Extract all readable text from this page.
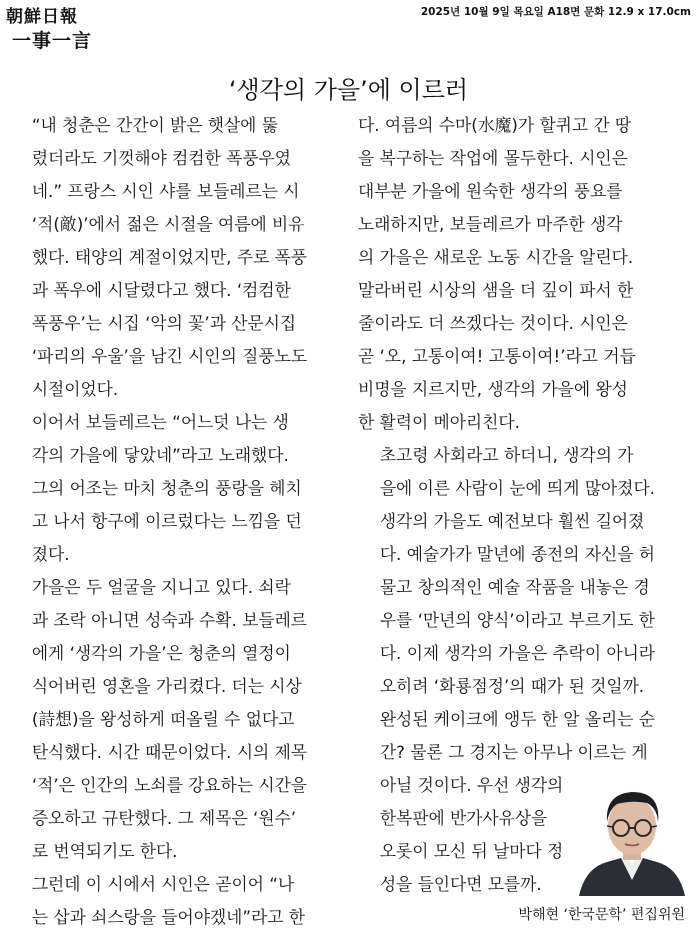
朝鮮日報	2025년 10월 9일 목요일 A18면 문화 12.9 x 17.0cm
一事一言
‘생각의 가을’에 이르러

“내 청춘은 간간이 밝은 햇살에 뚫
렸더라도 기껏해야 컴컴한 폭풍우였
네.” 프랑스 시인 샤를 보들레르는 시
‘적(敵)’에서 젊은 시절을 여름에 비유
했다. 태양의 계절이었지만, 주로 폭풍
과 폭우에 시달렸다고 했다. ‘컴컴한
폭풍우’는 시집 ‘악의 꽃’과 산문시집
‘파리의 우울’을 남긴 시인의 질풍노도
시절이었다.

이어서 보들레르는 “어느덧 나는 생
각의 가을에 닿았네”라고 노래했다.
그의 어조는 마치 청춘의 풍랑을 헤치
고 나서 항구에 이르렀다는 느낌을 던
졌다.

가을은 두 얼굴을 지니고 있다. 쇠락
과 조락 아니면 성숙과 수확. 보들레르
에게 ‘생각의 가을’은 청춘의 열정이
식어버린 영혼을 가리켰다. 더는 시상
(詩想)을 왕성하게 떠올릴 수 없다고
탄식했다. 시간 때문이었다. 시의 제목
‘적’은 인간의 노쇠를 강요하는 시간을
증오하고 규탄했다. 그 제목은 ‘원수’
로 번역되기도 한다.

그런데 이 시에서 시인은 곧이어 “나
는 삽과 쇠스랑을 들어야겠네”라고 한

다. 여름의 수마(水魔)가 할퀴고 간 땅
을 복구하는 작업에 몰두한다. 시인은
대부분 가을에 원숙한 생각의 풍요를
노래하지만, 보들레르가 마주한 생각
의 가을은 새로운 노동 시간을 알린다.
말라버린 시상의 샘을 더 깊이 파서 한
줄이라도 더 쓰겠다는 것이다. 시인은
곧 ‘오, 고통이여! 고통이여!’라고 거듭
비명을 지르지만, 생각의 가을에 왕성
한 활력이 메아리친다.

초고령 사회라고 하더니, 생각의 가
을에 이른 사람이 눈에 띄게 많아졌다.
생각의 가을도 예전보다 훨씬 길어졌
다. 예술가가 말년에 종전의 자신을 허
물고 창의적인 예술 작품을 내놓은 경
우를 ‘만년의 양식’이라고 부르기도 한
다. 이제 생각의 가을은 추락이 아니라
오히려 ‘화룡점정’의 때가 된 것일까.
완성된 케이크에 앵두 한 알 올리는 순
간? 물론 그 경지는 아무나 이르는 게
아닐 것이다. 우선 생각의
한복판에 반가사유상을
오롯이 모신 뒤 날마다 정
성을 들인다면 모를까.

박해현 ‘한국문학’ 편집위원
